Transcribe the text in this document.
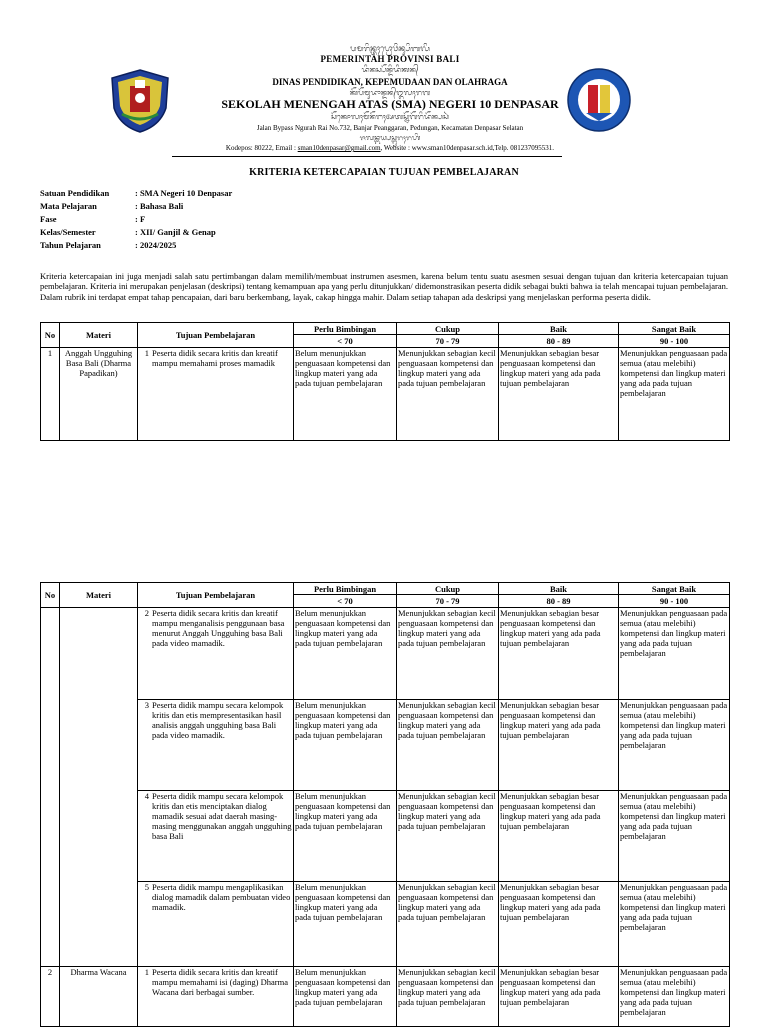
ᬧᬫᬭᬶᬦ᭄ᬢᬄᬧ᭄ᬭᭀᬯᬶᬦ᭄ᬲᬶᬩᬮᬶ
PEMERINTAH PROVINSI BALI
ᬤᬶᬦᬲ᭄ᬧᭂᬦ᭄ᬤᬶᬤᬶᬓᬦ᭄
DINAS PENDIDIKAN, KEPEMUDAAN DAN OLAHRAGA
ᬓᭂᬧᭂᬫᬸᬤᬵᬦ᭄ᬤᬦ᭄ᬑᬮᬄᬭᬕ
SEKOLAH MENENGAH ATAS (SMA) NEGERI 10 DENPASAR
ᬲᭂᬓᭀᬮᬄᬫᭂᬦᭂᬗᬄᬅᬢᬲ᭄ᬦᭂᬕᭂᬭᬶᬤᭂᬦ᭄ᬧᬲᬃ
Jalan Bypass Ngurah Rai No.732, Banjar Peanggaran, Pedungan, Kecamatan Denpasar Selatan
ᬚᬮᬦ᭄ᬩᬬ᭄ᬧᬲ᭄ᬗᬸᬭᬄᬭᬳᬶ
Kodepos: 80222, Email : sman10denpasar@gmail.com, Website : www.sman10denpasar.sch.id,Telp. 081237095531.
KRITERIA KETERCAPAIAN TUJUAN PEMBELAJARAN
Satuan Pendidikan	: SMA Negeri 10 Denpasar
Mata Pelajaran	: Bahasa Bali
Fase	: F
Kelas/Semester	: XII/ Ganjil & Genap
Tahun Pelajaran	: 2024/2025

Kriteria ketercapaian ini juga menjadi salah satu pertimbangan dalam memilih/membuat instrumen asesmen, karena belum tentu suatu asesmen sesuai dengan tujuan dan kriteria ketercapaian tujuan pembelajaran. Kriteria ini merupakan penjelasan (deskripsi) tentang kemampuan apa yang perlu ditunjukkan/ didemonstrasikan peserta didik sebagai bukti bahwa ia telah mencapai tujuan pembelajaran. Dalam rubrik ini terdapat empat tahap pencapaian, dari baru berkembang, layak, cakap hingga mahir. Dalam setiap tahapan ada deskripsi yang menjelaskan performa peserta didik.

No	Materi	Tujuan Pembelajaran	Perlu Bimbingan	Cukup	Baik	Sangat Baik
			< 70	70 - 79	80 - 89	90 - 100
1	Anggah Ungguhing Basa Bali (Dharma Papadikan)	1 Peserta didik secara kritis dan kreatif mampu memahami proses mamadik	Belum menunjukkan penguasaan kompetensi dan lingkup materi yang ada pada tujuan pembelajaran	Menunjukkan sebagian kecil penguasaan kompetensi dan lingkup materi yang ada pada tujuan pembelajaran	Menunjukkan sebagian besar penguasaan kompetensi dan lingkup materi yang ada pada tujuan pembelajaran	Menunjukkan penguasaan pada semua (atau melebihi) kompetensi dan lingkup materi yang ada pada tujuan pembelajaran
No	Materi	Tujuan Pembelajaran	Perlu Bimbingan	Cukup	Baik	Sangat Baik
			< 70	70 - 79	80 - 89	90 - 100

		2 Peserta didik secara kritis dan kreatif mampu menganalisis penggunaan basa menurut Anggah Ungguhing basa Bali pada video mamadik.	Belum menunjukkan penguasaan kompetensi dan lingkup materi yang ada pada tujuan pembelajaran	Menunjukkan sebagian kecil penguasaan kompetensi dan lingkup materi yang ada pada tujuan pembelajaran	Menunjukkan sebagian besar penguasaan kompetensi dan lingkup materi yang ada pada tujuan pembelajaran	Menunjukkan penguasaan pada semua (atau melebihi) kompetensi dan lingkup materi yang ada pada tujuan pembelajaran

		3 Peserta didik mampu secara kelompok kritis dan etis mempresentasikan hasil analisis anggah ungguhing basa Bali pada video mamadik.	Belum menunjukkan penguasaan kompetensi dan lingkup materi yang ada pada tujuan pembelajaran	Menunjukkan sebagian kecil penguasaan kompetensi dan lingkup materi yang ada pada tujuan pembelajaran	Menunjukkan sebagian besar penguasaan kompetensi dan lingkup materi yang ada pada tujuan pembelajaran	Menunjukkan penguasaan pada semua (atau melebihi) kompetensi dan lingkup materi yang ada pada tujuan pembelajaran

		4 Peserta didik mampu secara kelompok kritis dan etis menciptakan dialog mamadik sesuai adat daerah masing- masing menggunakan anggah ungguhing basa Bali	Belum menunjukkan penguasaan kompetensi dan lingkup materi yang ada pada tujuan pembelajaran	Menunjukkan sebagian kecil penguasaan kompetensi dan lingkup materi yang ada pada tujuan pembelajaran	Menunjukkan sebagian besar penguasaan kompetensi dan lingkup materi yang ada pada tujuan pembelajaran	Menunjukkan penguasaan pada semua (atau melebihi) kompetensi dan lingkup materi yang ada pada tujuan pembelajaran

		5 Peserta didik mampu mengaplikasikan dialog mamadik dalam pembuatan video mamadik.	Belum menunjukkan penguasaan kompetensi dan lingkup materi yang ada pada tujuan pembelajaran	Menunjukkan sebagian kecil penguasaan kompetensi dan lingkup materi yang ada pada tujuan pembelajaran	Menunjukkan sebagian besar penguasaan kompetensi dan lingkup materi yang ada pada tujuan pembelajaran	Menunjukkan penguasaan pada semua (atau melebihi) kompetensi dan lingkup materi yang ada pada tujuan pembelajaran
2	Dharma Wacana	1 Peserta didik secara kritis dan kreatif mampu memahami isi (daging) Dharma Wacana dari berbagai sumber.	Belum menunjukkan penguasaan kompetensi dan lingkup materi yang ada pada tujuan pembelajaran	Menunjukkan sebagian kecil penguasaan kompetensi dan lingkup materi yang ada pada tujuan pembelajaran	Menunjukkan sebagian besar penguasaan kompetensi dan lingkup materi yang ada pada tujuan pembelajaran	Menunjukkan penguasaan pada semua (atau melebihi) kompetensi dan lingkup materi yang ada pada tujuan pembelajaran
